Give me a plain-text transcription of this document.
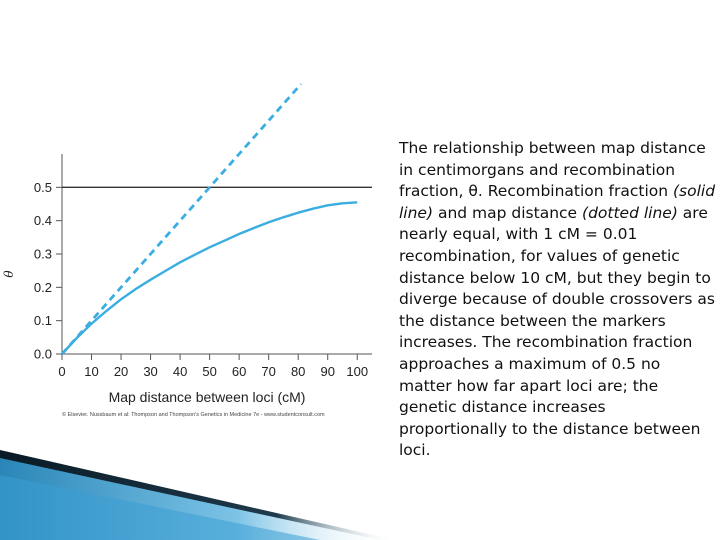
0.0
0.1
0.2
0.3
0.4
0.5
0 10 20 30 40 50 60 70 80 90 100
Map distance between loci (cM)
θ
© Elsevier. Nussbaum et al: Thompson and Thompson's Genetics in Medicine 7e - www.studentconsult.com
The relationship between map distance in centimorgans and recombination fraction, θ. Recombination fraction (solid line) and map distance (dotted line) are nearly equal, with 1 cM = 0.01 recombination, for values of genetic distance below 10 cM, but they begin to diverge because of double crossovers as the distance between the markers increases. The recombination fraction approaches a maximum of 0.5 no matter how far apart loci are; the genetic distance increases proportionally to the distance between loci.
